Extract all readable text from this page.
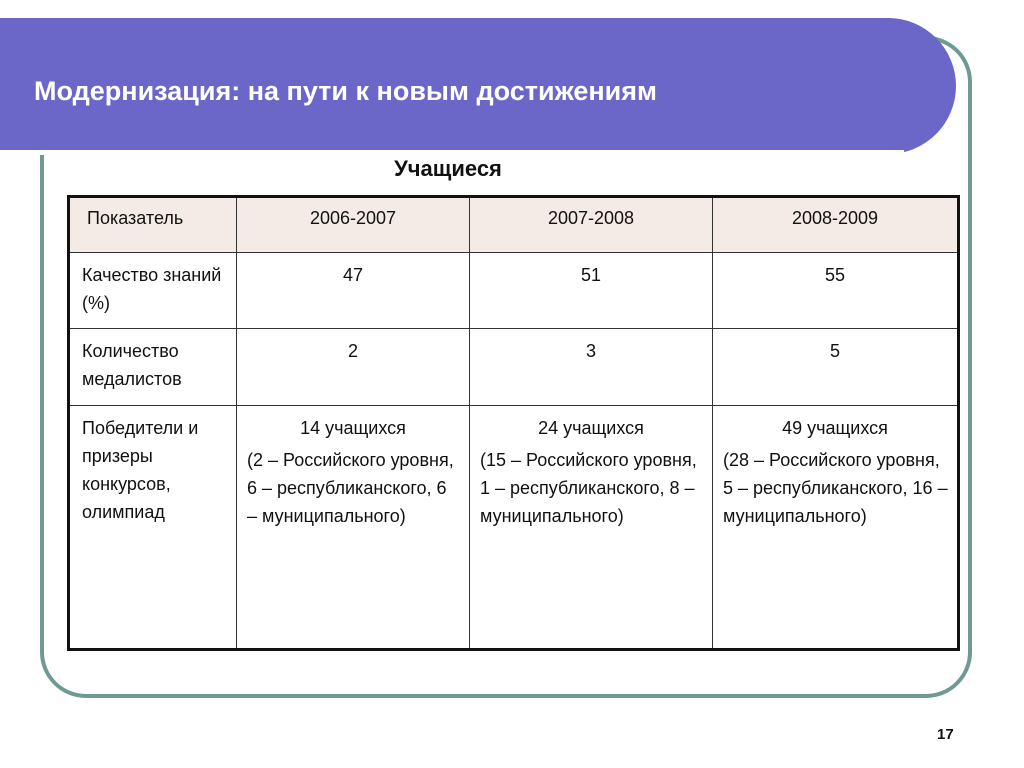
Модернизация: на пути к новым достижениям
Учащиеся
Показатель	2006-2007	2007-2008	2008-2009
Качество знаний (%)	47	51	55
Количество медалистов	2	3	5
Победители и призеры конкурсов, олимпиад	14 учащихся
(2 – Российского уровня,
6 – республиканского, 6 – муниципального)	24 учащихся
(15 – Российского уровня,
1 – республиканского, 8 – муниципального)	49 учащихся
(28 – Российского уровня,
5 – республиканского, 16 – муниципального)

17
